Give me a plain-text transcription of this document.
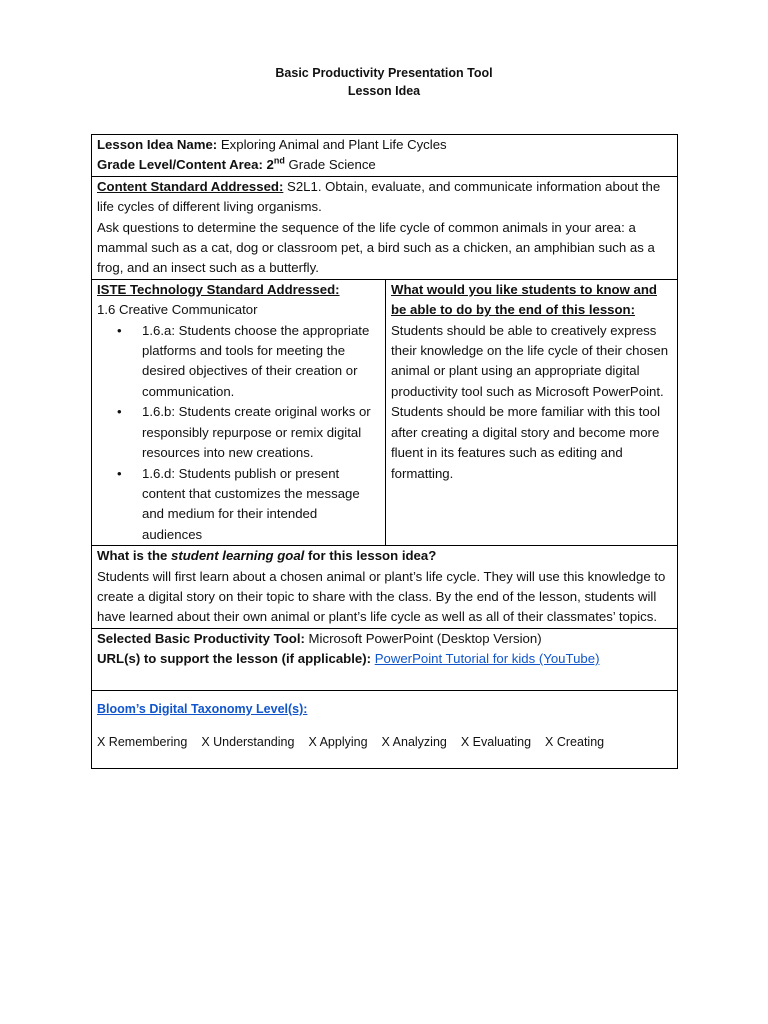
Basic Productivity Presentation Tool
Lesson Idea

Lesson Idea Name: Exploring Animal and Plant Life Cycles

Grade Level/Content Area: 2nd Grade Science

Content Standard Addressed: S2L1. Obtain, evaluate, and communicate information about the life cycles of different living organisms.

Ask questions to determine the sequence of the life cycle of common animals in your area: a mammal such as a cat, dog or classroom pet, a bird such as a chicken, an amphibian such as a frog, and an insect such as a butterfly.

ISTE Technology Standard Addressed:

1.6 Creative Communicator

• 1.6.a: Students choose the appropriate platforms and tools for meeting the desired objectives of their creation or communication.
• 1.6.b: Students create original works or responsibly repurpose or remix digital resources into new creations.
• 1.6.d: Students publish or present content that customizes the message and medium for their intended audiences

What would you like students to know and be able to do by the end of this lesson:

Students should be able to creatively express their knowledge on the life cycle of their chosen animal or plant using an appropriate digital productivity tool such as Microsoft PowerPoint. Students should be more familiar with this tool after creating a digital story and become more fluent in its features such as editing and formatting.

What is the student learning goal for this lesson idea?

Students will first learn about a chosen animal or plant’s life cycle. They will use this knowledge to create a digital story on their topic to share with the class. By the end of the lesson, students will have learned about their own animal or plant’s life cycle as well as all of their classmates’ topics.

Selected Basic Productivity Tool: Microsoft PowerPoint (Desktop Version)

URL(s) to support the lesson (if applicable): PowerPoint Tutorial for kids (YouTube)

Bloom’s Digital Taxonomy Level(s):

X Remembering X Understanding X Applying X Analyzing X Evaluating X Creating
